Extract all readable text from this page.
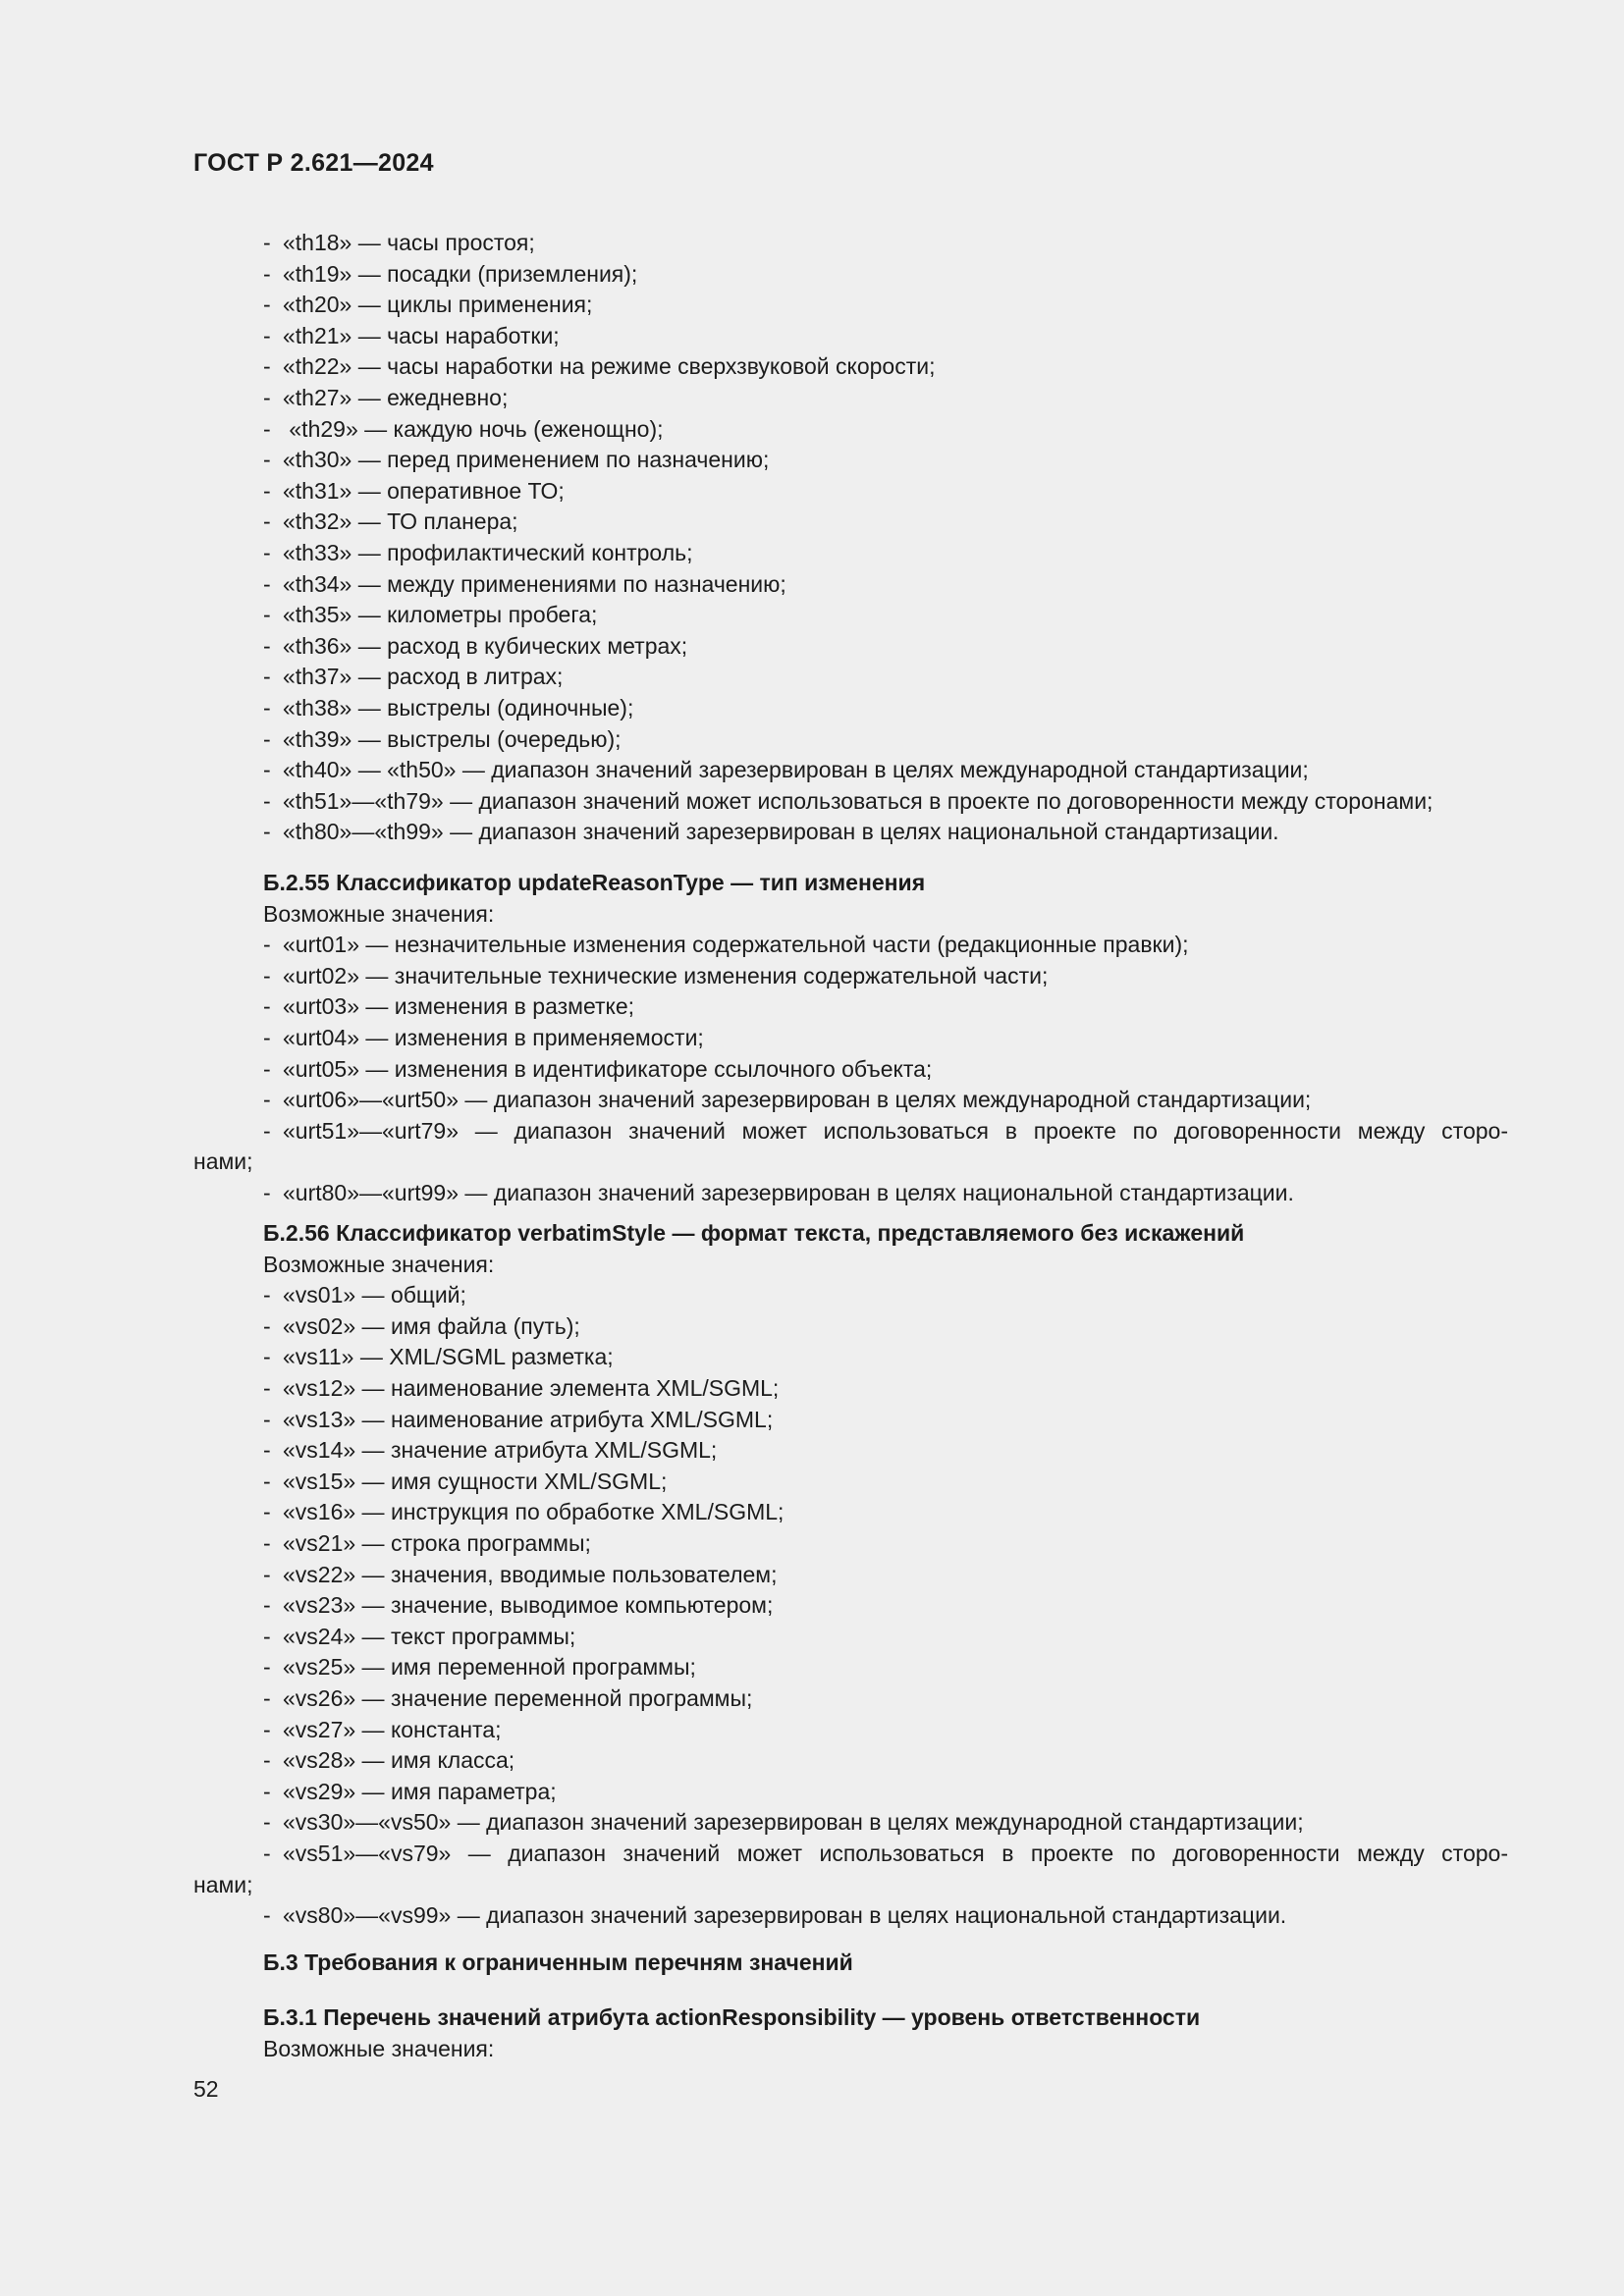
ГОСТ Р 2.621—2024
- «th18» — часы простоя;
- «th19» — посадки (приземления);
- «th20» — циклы применения;
- «th21» — часы наработки;
- «th22» — часы наработки на режиме сверхзвуковой скорости;
- «th27» — ежедневно;
- «th29» — каждую ночь (еженощно);
- «th30» — перед применением по назначению;
- «th31» — оперативное ТО;
- «th32» — ТО планера;
- «th33» — профилактический контроль;
- «th34» — между применениями по назначению;
- «th35» — километры пробега;
- «th36» — расход в кубических метрах;
- «th37» — расход в литрах;
- «th38» — выстрелы (одиночные);
- «th39» — выстрелы (очередью);
- «th40» — «th50» — диапазон значений зарезервирован в целях международной стандартизации;
- «th51»—«th79» — диапазон значений может использоваться в проекте по договоренности между сторонами;
- «th80»—«th99» — диапазон значений зарезервирован в целях национальной стандартизации.
Б.2.55 Классификатор updateReasonType — тип изменения
Возможные значения:
- «urt01» — незначительные изменения содержательной части (редакционные правки);
- «urt02» — значительные технические изменения содержательной части;
- «urt03» — изменения в разметке;
- «urt04» — изменения в применяемости;
- «urt05» — изменения в идентификаторе ссылочного объекта;
- «urt06»—«urt50» — диапазон значений зарезервирован в целях международной стандартизации;
- «urt51»—«urt79» — диапазон значений может использоваться в проекте по договоренности между сторо-
нами;
- «urt80»—«urt99» — диапазон значений зарезервирован в целях национальной стандартизации.
Б.2.56 Классификатор verbatimStyle — формат текста, представляемого без искажений
Возможные значения:
- «vs01» — общий;
- «vs02» — имя файла (путь);
- «vs11» — XML/SGML разметка;
- «vs12» — наименование элемента XML/SGML;
- «vs13» — наименование атрибута XML/SGML;
- «vs14» — значение атрибута XML/SGML;
- «vs15» — имя сущности XML/SGML;
- «vs16» — инструкция по обработке XML/SGML;
- «vs21» — строка программы;
- «vs22» — значения, вводимые пользователем;
- «vs23» — значение, выводимое компьютером;
- «vs24» — текст программы;
- «vs25» — имя переменной программы;
- «vs26» — значение переменной программы;
- «vs27» — константа;
- «vs28» — имя класса;
- «vs29» — имя параметра;
- «vs30»—«vs50» — диапазон значений зарезервирован в целях международной стандартизации;
- «vs51»—«vs79» — диапазон значений может использоваться в проекте по договоренности между сторо-
нами;
- «vs80»—«vs99» — диапазон значений зарезервирован в целях национальной стандартизации.
Б.3 Требования к ограниченным перечням значений
Б.3.1 Перечень значений атрибута actionResponsibility — уровень ответственности
Возможные значения:
52
